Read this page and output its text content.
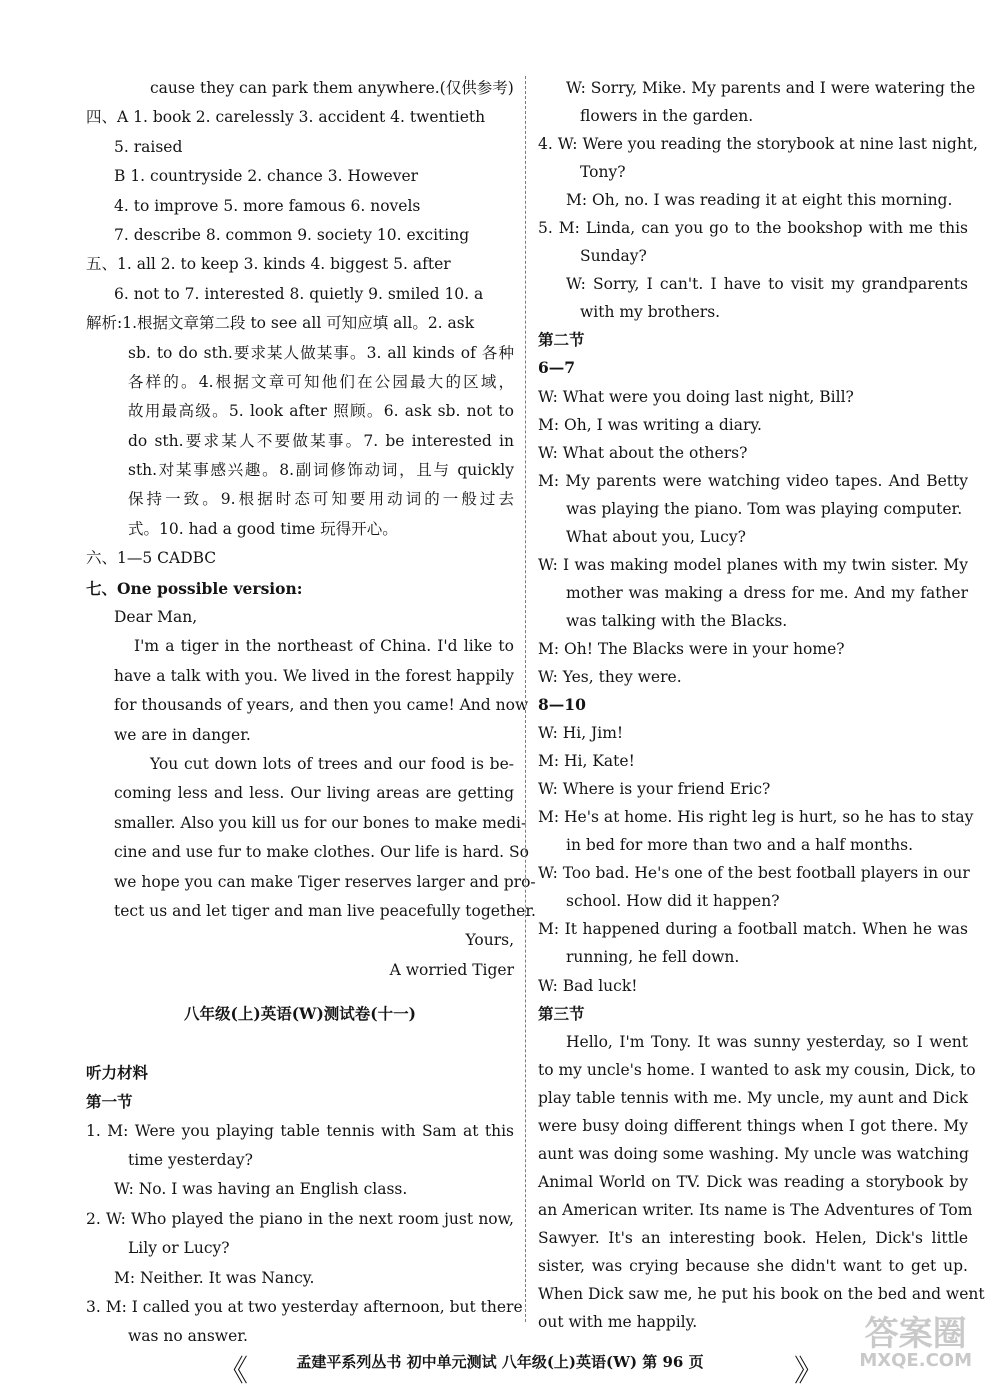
cause they can park them anywhere.(仅供参考)
四、A 1. book 2. carelessly 3. accident 4. twentieth
5. raised
B 1. countryside 2. chance 3. However
4. to improve 5. more famous 6. novels
7. describe 8. common 9. society 10. exciting
五、1. all 2. to keep 3. kinds 4. biggest 5. after
6. not to 7. interested 8. quietly 9. smiled 10. a
解析:1.根据文章第二段 to see all 可知应填 all。2. ask
sb. to do sth.要求某人做某事。3. all kinds of 各种
各样的。4.根据文章可知他们在公园最大的区域，
故用最高级。5. look after 照顾。6. ask sb. not to
do sth.要求某人不要做某事。7. be interested in
sth.对某事感兴趣。8.副词修饰动词，且与 quickly
保持一致。9.根据时态可知要用动词的一般过去
式。10. had a good time 玩得开心。
六、1—5 CADBC
七、One possible version:
Dear Man,
I'm a tiger in the northeast of China. I'd like to
have a talk with you. We lived in the forest happily
for thousands of years, and then you came! And now
we are in danger.
You cut down lots of trees and our food is be-
coming less and less. Our living areas are getting
smaller. Also you kill us for our bones to make medi-
cine and use fur to make clothes. Our life is hard. So
we hope you can make Tiger reserves larger and pro-
tect us and let tiger and man live peacefully together.
Yours,
A worried Tiger
八年级(上)英语(W)测试卷(十一)
听力材料
第一节
1. M: Were you playing table tennis with Sam at this
time yesterday?
W: No. I was having an English class.
2. W: Who played the piano in the next room just now,
Lily or Lucy?
M: Neither. It was Nancy.
3. M: I called you at two yesterday afternoon, but there
was no answer.
W: Sorry, Mike. My parents and I were watering the
flowers in the garden.
4. W: Were you reading the storybook at nine last night,
Tony?
M: Oh, no. I was reading it at eight this morning.
5. M: Linda, can you go to the bookshop with me this
Sunday?
W: Sorry, I can't. I have to visit my grandparents
with my brothers.
第二节
6—7
W: What were you doing last night, Bill?
M: Oh, I was writing a diary.
W: What about the others?
M: My parents were watching video tapes. And Betty
was playing the piano. Tom was playing computer.
What about you, Lucy?
W: I was making model planes with my twin sister. My
mother was making a dress for me. And my father
was talking with the Blacks.
M: Oh! The Blacks were in your home?
W: Yes, they were.
8—10
W: Hi, Jim!
M: Hi, Kate!
W: Where is your friend Eric?
M: He's at home. His right leg is hurt, so he has to stay
in bed for more than two and a half months.
W: Too bad. He's one of the best football players in our
school. How did it happen?
M: It happened during a football match. When he was
running, he fell down.
W: Bad luck!
第三节
Hello, I'm Tony. It was sunny yesterday, so I went
to my uncle's home. I wanted to ask my cousin, Dick, to
play table tennis with me. My uncle, my aunt and Dick
were busy doing different things when I got there. My
aunt was doing some washing. My uncle was watching
Animal World on TV. Dick was reading a storybook by
an American writer. Its name is The Adventures of Tom
Sawyer. It's an interesting book. Helen, Dick's little
sister, was crying because she didn't want to get up.
When Dick saw me, he put his book on the bed and went
out with me happily.
《	孟建平系列丛书 初中单元测试 八年级(上)英语(W) 第 96 页	》
答案圈
MXQE.COM
